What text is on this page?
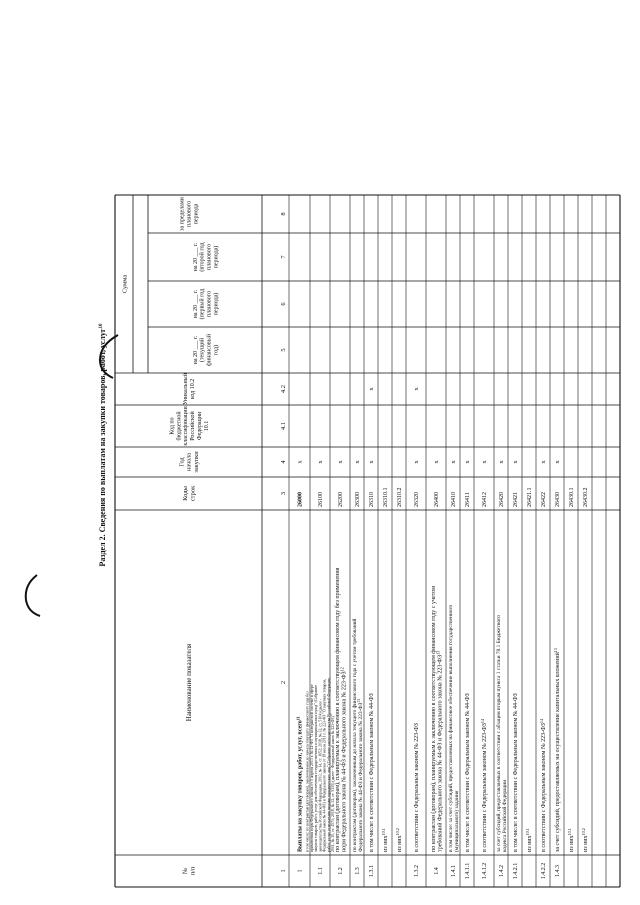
Раздел 2. Сведения по выплатам на закупки товаров, работ, услуг$^{10}$
№ п/п
Наименование показателя
Коды строк
Год начала закупки
Код по бюджетной классификации Российской Федерации 10.1
Уникальный код 10.2
Сумма
на 20 ___ г. (текущий финансовый год)
на 20 ___ г. (первый год планового периода)
на 20 ___ г. (второй год планового периода)
за пределами планового периода
1
2
3
4
4.1
4.2
5
6
7
8
Выплаты на закупку товаров, работ, услуг, всего$^{11}$
1
26000
x
в том числе: по контрактам (договорам), заключенным до начала текущего финансового года без применения норм Федерального закона от 5 апреля 2013 г. № 44-ФЗ "О контрактной системе в сфере закупок товаров, работ, услуг для обеспечения государственных и муниципальных нужд" (Собрание законодательства Российской Федерации, 2013, № 14, ст. 1652; 2018, № 32, ст. 5104) (далее - Федеральный закон № 44-ФЗ) и Федерального закона от 18 июля 2011 г. № 223-ФЗ "О закупках товаров, работ, услуг отдельными видами юридических лиц" (Собрание законодательства Российской Федерации, 2011, № 30, ст. 4571; 2018, № 32, ст. 5135) (далее - Федеральный закон № 223-ФЗ)$^{12}$
1.1
26100
x
по контрактам (договорам), планируемым к заключению в соответствующем финансовом году без применения норм Федерального закона № 44-ФЗ и Федерального закона № 223-ФЗ$^{12}$
1.2
26200
x
по контрактам (договорам), заключенным до начала текущего финансового года с учетом требований Федерального закона № 44-ФЗ и Федерального закона № 223-ФЗ$^{13}$
1.3
26300
x
в том числе: в соответствии с Федеральным законом № 44-ФЗ
1.3.1
26310
x
x
из них$^{10.1}$
26310.1
из них$^{10.2}$
26310.2
в соответствии с Федеральным законом № 223-ФЗ
1.3.2
26320
x
x
по контрактам (договорам), планируемым к заключению в соответствующем финансовом году с учетом требований Федерального закона № 44-ФЗ и Федерального закона № 223-ФЗ$^{13}$
1.4
26400
x
в том числе: за счет субсидий, предоставляемых на финансовое обеспечение выполнения государственного (муниципального) задания
1.4.1
26410
x
в том числе: в соответствии с Федеральным законом № 44-ФЗ
1.4.1.1
26411
x
в соответствии с Федеральным законом № 223-ФЗ$^{14}$
1.4.1.2
26412
x
за счет субсидий, предоставляемых в соответствии с абзацем вторым пункта 1 статьи 78.1 Бюджетного кодекса Российской Федерации
1.4.2
26420
x
в том числе: в соответствии с Федеральным законом № 44-ФЗ
1.4.2.1
26421
x
из них$^{10.1}$
26421.1
в соответствии с Федеральным законом № 223-ФЗ$^{14}$
1.4.2.2
26422
x
за счет субсидий, предоставляемых на осуществление капитальных вложений$^{15}$
1.4.3
26430
x
из них$^{10.1}$
26430.1
из них$^{10.2}$
26430.2
